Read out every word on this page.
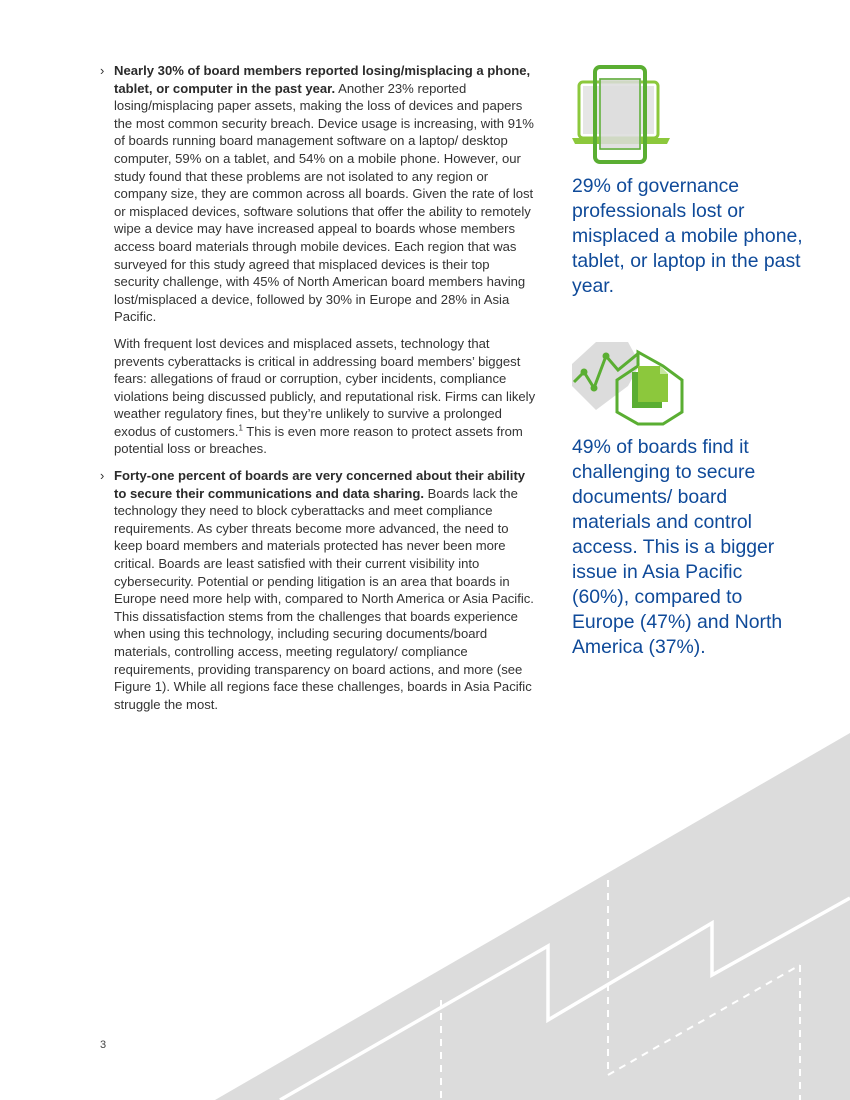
› Nearly 30% of board members reported losing/misplacing a phone, tablet, or computer in the past year. Another 23% reported losing/misplacing paper assets, making the loss of devices and papers the most common security breach. Device usage is increasing, with 91% of boards running board management software on a laptop/ desktop computer, 59% on a tablet, and 54% on a mobile phone. However, our study found that these problems are not isolated to any region or company size, they are common across all boards. Given the rate of lost or misplaced devices, software solutions that offer the ability to remotely wipe a device may have increased appeal to boards whose members access board materials through mobile devices. Each region that was surveyed for this study agreed that misplaced devices is their top security challenge, with 45% of North American board members having lost/misplaced a device, followed by 30% in Europe and 28% in Asia Pacific.

With frequent lost devices and misplaced assets, technology that prevents cyberattacks is critical in addressing board members’ biggest fears: allegations of fraud or corruption, cyber incidents, compliance violations being discussed publicly, and reputational risk. Firms can likely weather regulatory fines, but they’re unlikely to survive a prolonged exodus of customers.$^1$ This is even more reason to protect assets from potential loss or breaches.

› Forty-one percent of boards are very concerned about their ability to secure their communications and data sharing. Boards lack the technology they need to block cyberattacks and meet compliance requirements. As cyber threats become more advanced, the need to keep board members and materials protected has never been more critical. Boards are least satisfied with their current visibility into cybersecurity. Potential or pending litigation is an area that boards in Europe need more help with, compared to North America or Asia Pacific. This dissatisfaction stems from the challenges that boards experience when using this technology, including securing documents/board materials, controlling access, meeting regulatory/ compliance requirements, providing transparency on board actions, and more (see Figure 1). While all regions face these challenges, boards in Asia Pacific struggle the most.

29% of governance professionals lost or misplaced a mobile phone, tablet, or laptop in the past year.

49% of boards find it challenging to secure documents/ board materials and control access. This is a bigger issue in Asia Pacific (60%), compared to Europe (47%) and North America (37%).

3
